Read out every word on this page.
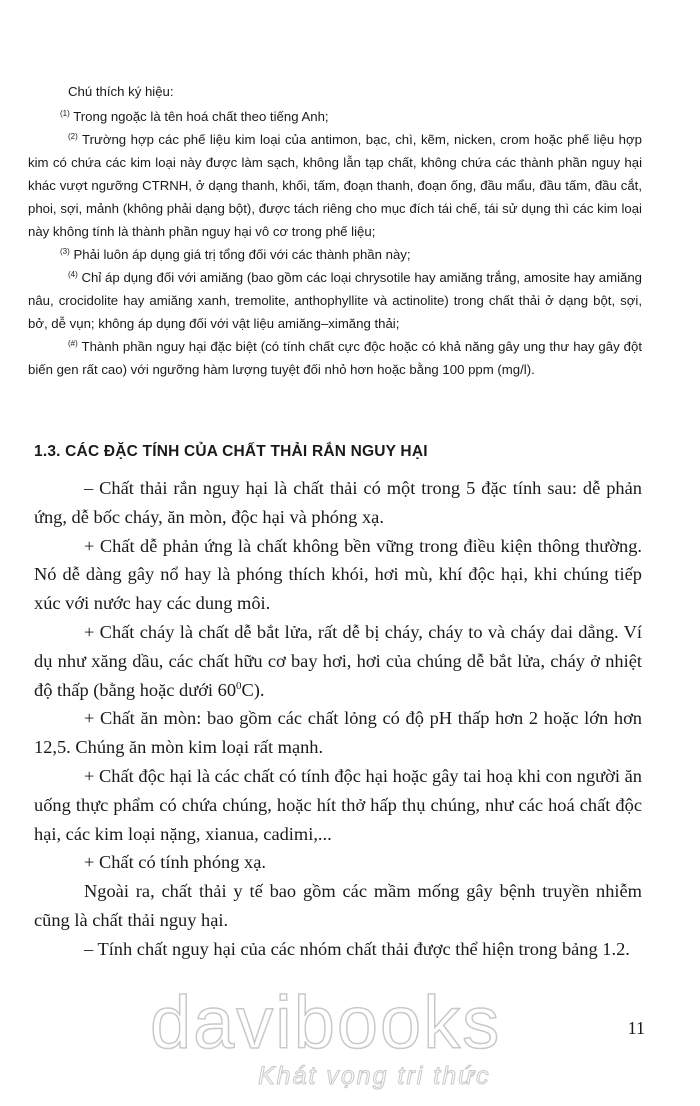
Chú thích ký hiệu:

$^{(1)}$ Trong ngoặc là tên hoá chất theo tiếng Anh;

$^{(2)}$ Trường hợp các phế liệu kim loại của antimon, bạc, chì, kẽm, nicken, crom hoặc phế liệu hợp kim có chứa các kim loại này được làm sạch, không lẫn tạp chất, không chứa các thành phần nguy hại khác vượt ngưỡng CTRNH, ở dạng thanh, khối, tấm, đoạn thanh, đoạn ống, đầu mẩu, đầu tấm, đầu cắt, phoi, sợi, mảnh (không phải dạng bột), được tách riêng cho mục đích tái chế, tái sử dụng thì các kim loại này không tính là thành phần nguy hại vô cơ trong phế liệu;

$^{(3)}$ Phải luôn áp dụng giá trị tổng đối với các thành phần này;

$^{(4)}$ Chỉ áp dụng đối với amiăng (bao gồm các loại chrysotile hay amiăng trắng, amosite hay amiăng nâu, crocidolite hay amiăng xanh, tremolite, anthophyllite và actinolite) trong chất thải ở dạng bột, sợi, bở, dễ vụn; không áp dụng đối với vật liệu amiăng–ximăng thải;

(#) Thành phần nguy hại đặc biệt (có tính chất cực độc hoặc có khả năng gây ung thư hay gây đột biến gen rất cao) với ngưỡng hàm lượng tuyệt đối nhỏ hơn hoặc bằng 100 ppm (mg/l).

1.3. CÁC ĐẶC TÍNH CỦA CHẤT THẢI RẮN NGUY HẠI

– Chất thải rắn nguy hại là chất thải có một trong 5 đặc tính sau: dễ phản ứng, dễ bốc cháy, ăn mòn, độc hại và phóng xạ.

+ Chất dễ phản ứng là chất không bền vững trong điều kiện thông thường. Nó dễ dàng gây nổ hay là phóng thích khói, hơi mù, khí độc hại, khi chúng tiếp xúc với nước hay các dung môi.

+ Chất cháy là chất dễ bắt lửa, rất dễ bị cháy, cháy to và cháy dai dẳng. Ví dụ như xăng dầu, các chất hữu cơ bay hơi, hơi của chúng dễ bắt lửa, cháy ở nhiệt độ thấp (bằng hoặc dưới $60^0C$).

+ Chất ăn mòn: bao gồm các chất lỏng có độ pH thấp hơn 2 hoặc lớn hơn 12,5. Chúng ăn mòn kim loại rất mạnh.

+ Chất độc hại là các chất có tính độc hại hoặc gây tai hoạ khi con người ăn uống thực phẩm có chứa chúng, hoặc hít thở hấp thụ chúng, như các hoá chất độc hại, các kim loại nặng, xianua, cadimi,...

+ Chất có tính phóng xạ.

Ngoài ra, chất thải y tế bao gồm các mầm mống gây bệnh truyền nhiễm cũng là chất thải nguy hại.

– Tính chất nguy hại của các nhóm chất thải được thể hiện trong bảng 1.2.

11
davibooks
Khát vọng tri thức
